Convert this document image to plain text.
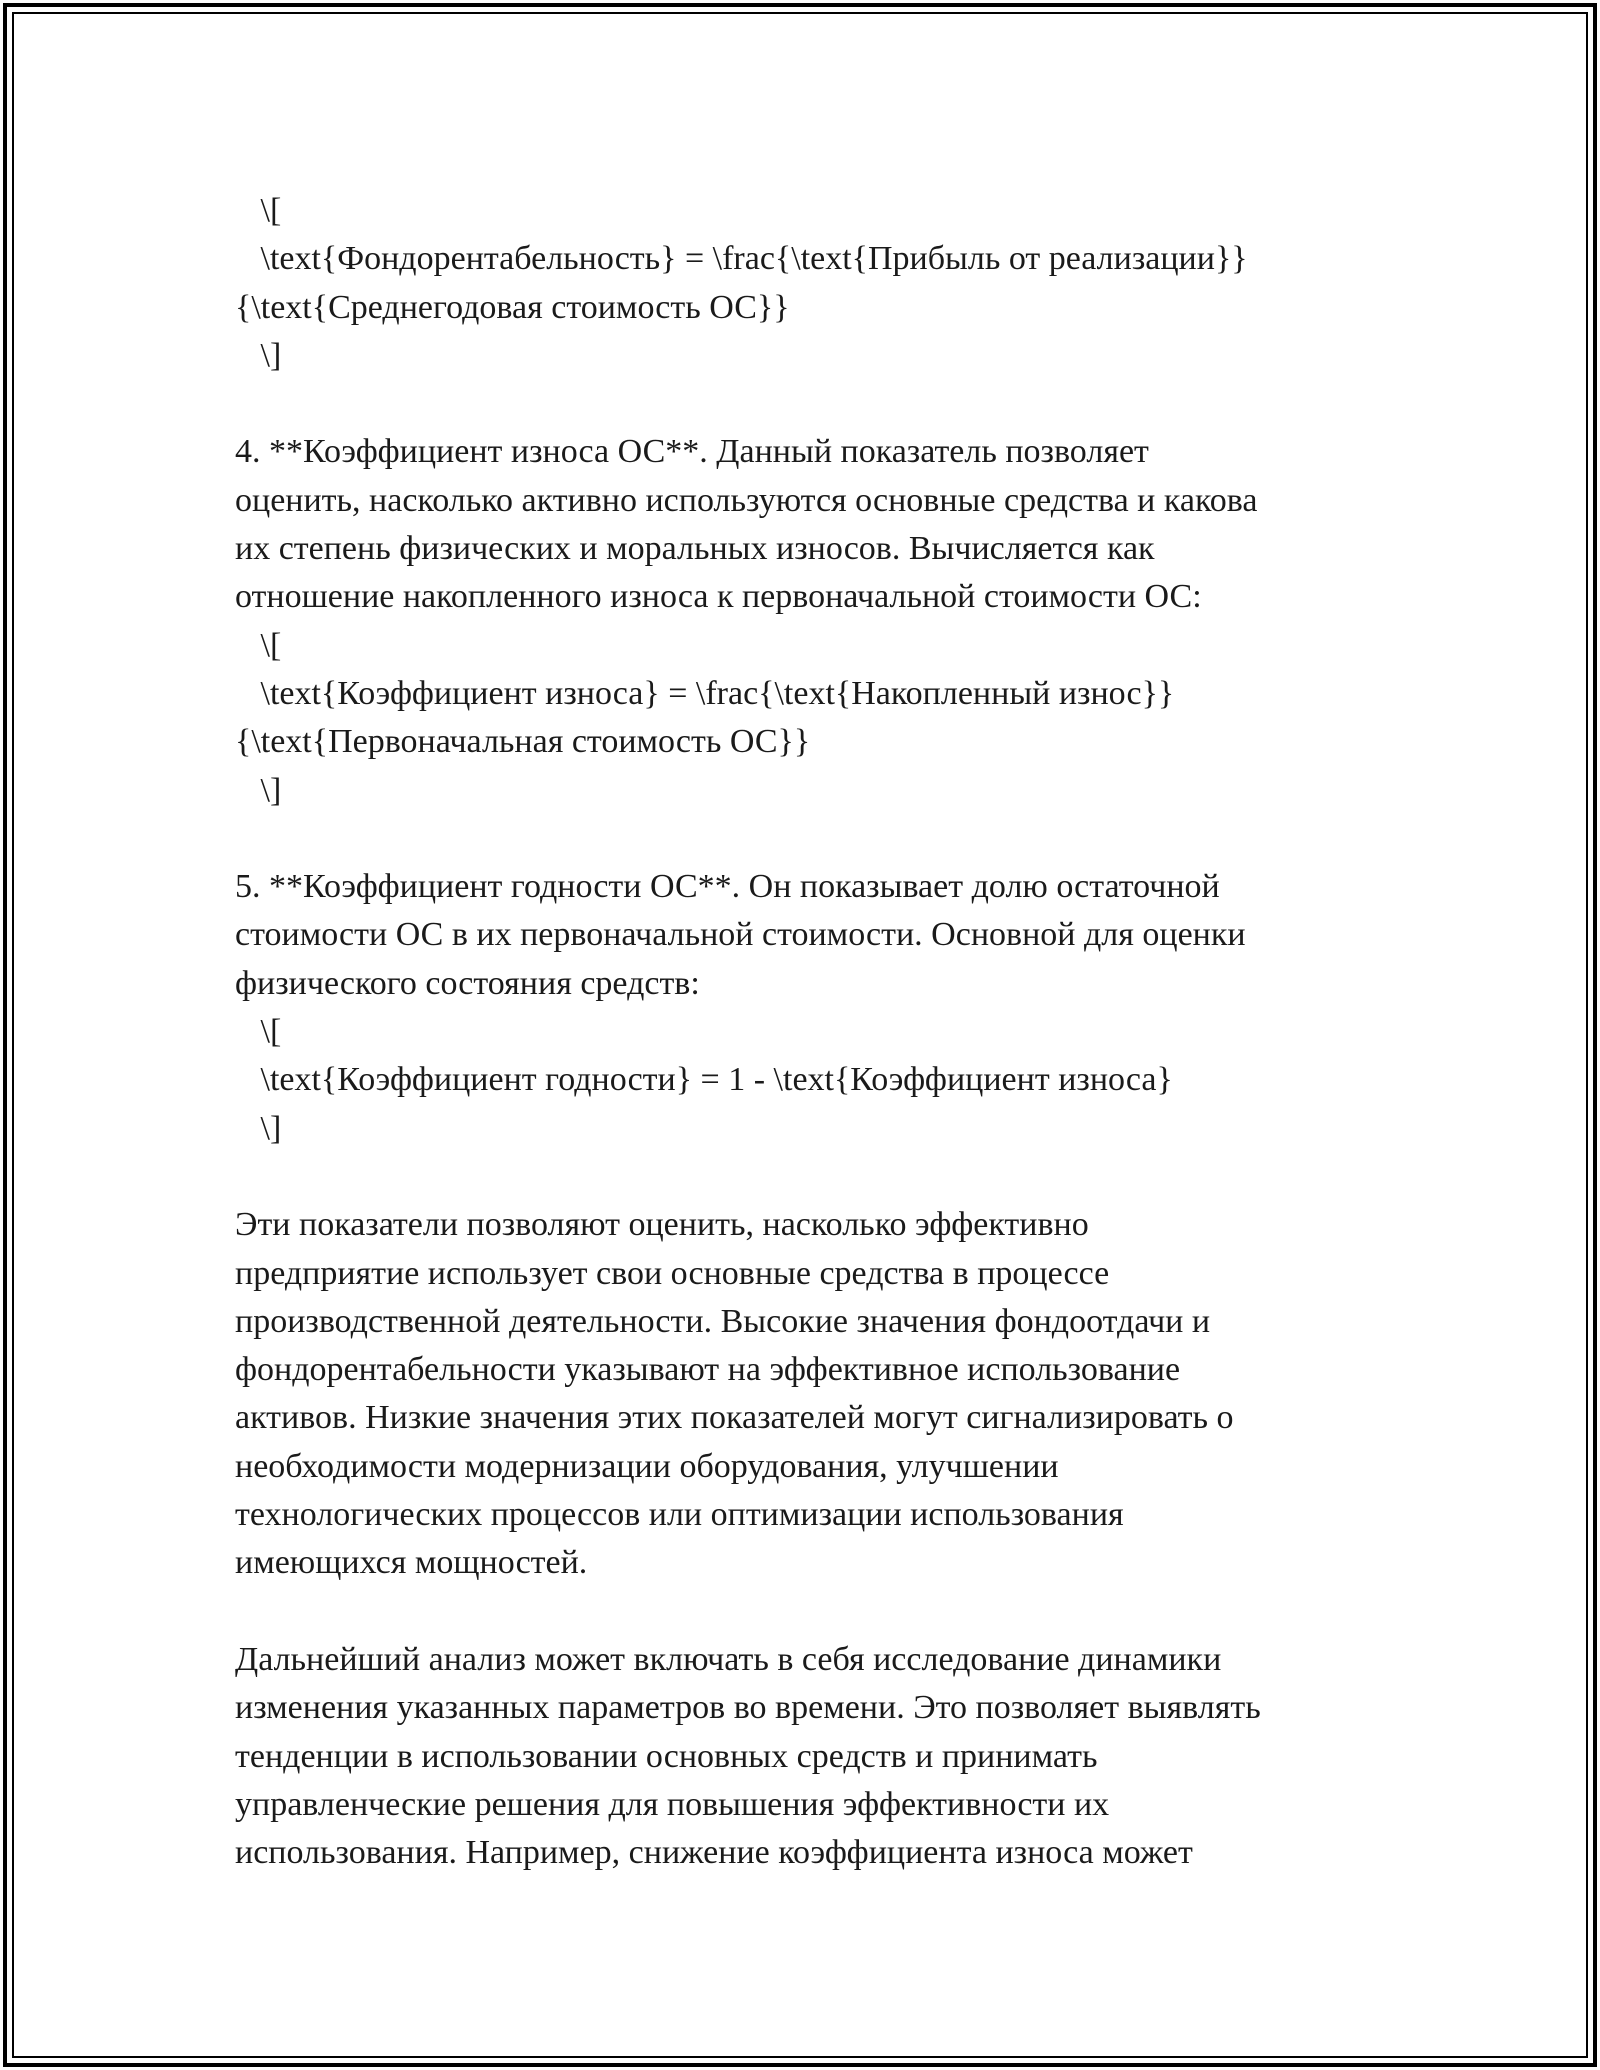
\[
\text{Фондорентабельность} = \frac{\text{Прибыль от реализации}}
{\text{Среднегодовая стоимость ОС}}
\]
4. **Коэффициент износа ОС**. Данный показатель позволяет
оценить, насколько активно используются основные средства и какова
их степень физических и моральных износов. Вычисляется как
отношение накопленного износа к первоначальной стоимости ОС:
\[
\text{Коэффициент износа} = \frac{\text{Накопленный износ}}
{\text{Первоначальная стоимость ОС}}
\]
5. **Коэффициент годности ОС**. Он показывает долю остаточной
стоимости ОС в их первоначальной стоимости. Основной для оценки
физического состояния средств:
\[
\text{Коэффициент годности} = 1 - \text{Коэффициент износа}
\]
Эти показатели позволяют оценить, насколько эффективно
предприятие использует свои основные средства в процессе
производственной деятельности. Высокие значения фондоотдачи и
фондорентабельности указывают на эффективное использование
активов. Низкие значения этих показателей могут сигнализировать о
необходимости модернизации оборудования, улучшении
технологических процессов или оптимизации использования
имеющихся мощностей.
Дальнейший анализ может включать в себя исследование динамики
изменения указанных параметров во времени. Это позволяет выявлять
тенденции в использовании основных средств и принимать
управленческие решения для повышения эффективности их
использования. Например, снижение коэффициента износа может
